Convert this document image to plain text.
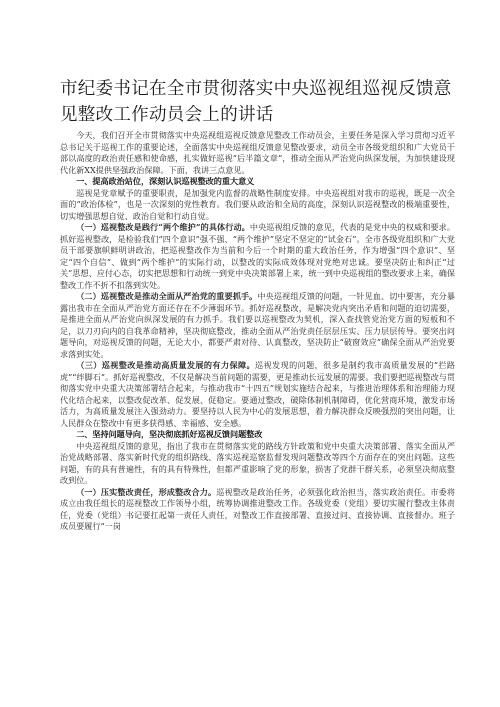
市纪委书记在全市贯彻落实中央巡视组巡视反馈意见整改工作动员会上的讲话

今天，我们召开全市贯彻落实中央巡视组巡视反馈意见整改工作动员会，主要任务是深入学习贯彻习近平总书记关于巡视工作的重要论述，全面落实中央巡视组反馈意见整改要求，动员全市各级党组织和广大党员干部以高度的政治责任感和使命感，扎实做好巡视“后半篇文章”，推动全面从严治党向纵深发展，为加快建设现代化新XX提供坚强政治保障。下面，我讲三点意见。

一、提高政治站位，深刻认识巡视整改的重大意义

巡视是党章赋予的重要职责，是加强党内监督的战略性制度安排。中央巡视组对我市的巡视，既是一次全面的“政治体检”，也是一次深刻的党性教育。我们要从政治和全局的高度，深刻认识巡视整改的极端重要性，切实增强思想自觉、政治自觉和行动自觉。

（一）巡视整改是践行“两个维护”的具体行动。中央巡视组反馈的意见，代表的是党中央的权威和要求。抓好巡视整改，是检验我们“四个意识”强不强、“两个维护”坚定不坚定的“试金石”。全市各级党组织和广大党员干部要旗帜鲜明讲政治，把巡视整改作为当前和今后一个时期的重大政治任务，作为增强“四个意识”、坚定“四个自信”、做到“两个维护”的实际行动，以整改的实际成效体现对党绝对忠诚。要坚决防止和纠正“过关”思想、应付心态，切实把思想和行动统一到党中央决策部署上来，统一到中央巡视组的整改要求上来，确保整改工作不折不扣落到实处。

（二）巡视整改是推动全面从严治党的重要抓手。中央巡视组反馈的问题，一针见血、切中要害，充分暴露出我市在全面从严治党方面还存在不少薄弱环节。抓好巡视整改，是解决党内突出矛盾和问题的迫切需要，是推进全面从严治党向纵深发展的有力抓手。我们要以巡视整改为契机，深入查找管党治党方面的短板和不足，以刀刃向内的自我革命精神，坚决彻底整改，推动全面从严治党责任层层压实、压力层层传导。要突出问题导向，对巡视反馈的问题，无论大小，都要严肃对待、认真整改，坚决防止“破窗效应”确保全面从严治党要求落到实处。

（三）巡视整改是推动高质量发展的有力保障。巡视发现的问题，很多是制约我市高质量发展的“拦路虎”“绊脚石”。抓好巡视整改，不仅是解决当前问题的需要，更是推动长远发展的需要。我们要把巡视整改与贯彻落实党中央重大决策部署结合起来，与推动我市“十四五”规划实施结合起来，与推进治理体系和治理能力现代化结合起来，以整改促改革、促发展、促稳定。要通过整改，破除体制机制障碍，优化营商环境，激发市场活力，为高质量发展注入强劲动力。要坚持以人民为中心的发展思想，着力解决群众反映强烈的突出问题，让人民群众在整改中有更多获得感、幸福感、安全感。

二、坚持问题导向，坚决彻底抓好巡视反馈问题整改

中央巡视组反馈的意见，指出了我市在贯彻落实党的路线方针政策和党中央重大决策部署、落实全面从严治党战略部署、落实新时代党的组织路线、落实巡视巡察监督发现问题整改等四个方面存在的突出问题。这些问题，有的具有普遍性，有的具有特殊性，但都严重影响了党的形象，损害了党群干群关系，必须坚决彻底整改到位。

（一）压实整改责任，形成整改合力。巡视整改是政治任务，必须强化政治担当，落实政治责任。市委将成立由我任组长的巡视整改工作领导小组，统筹协调推进整改工作。各级党委（党组）要切实履行整改主体责任，党委（党组）书记要扛起第一责任人责任，对整改工作直接部署、直接过问、直接协调、直接督办。班子成员要履行“一岗
